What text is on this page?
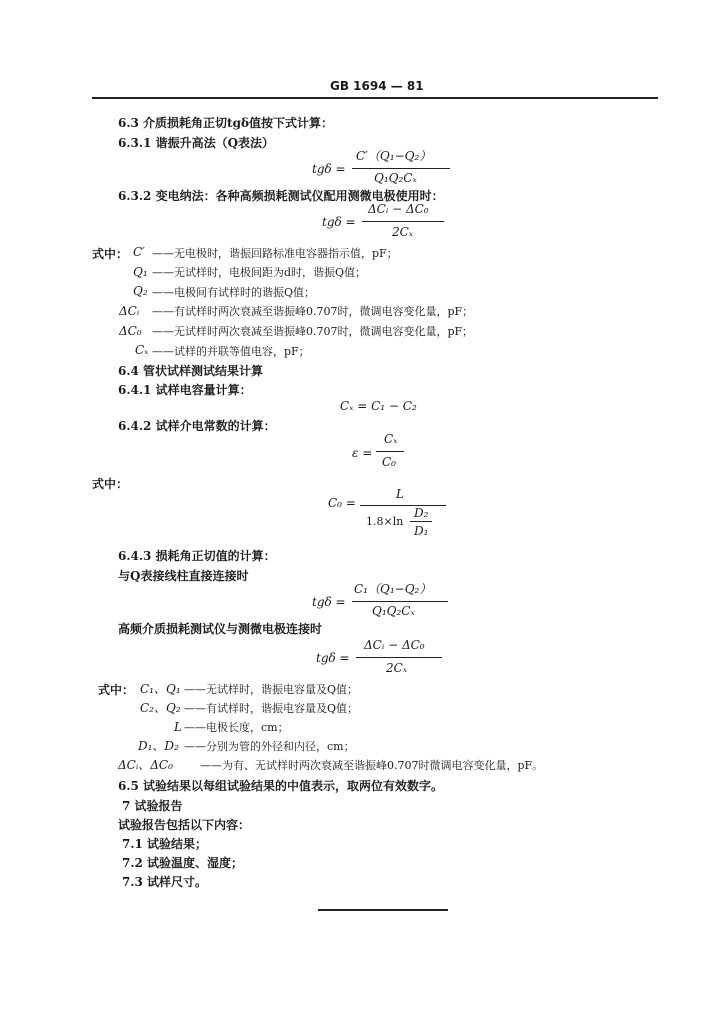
GB 1694 — 81
6.3 介质损耗角正切tgδ值按下式计算：
6.3.1 谐振升高法（Q表法）
tgδ =
C′（Q₁−Q₂）
Q₁Q₂Cₓ
6.3.2 变电纳法：各种高频损耗测试仪配用测微电极使用时：
tgδ =
ΔCᵢ − ΔC₀
2Cₓ
式中： C′ ——无电极时，谐振回路标准电容器指示值，pF；
Q₁ ——无试样时，电极间距为d时，谐振Q值；
Q₂ ——电极间有试样时的谐振Q值；
ΔCᵢ ——有试样时两次衰减至谐振峰0.707时，微调电容变化量，pF；
ΔC₀ ——无试样时两次衰减至谐振峰0.707时，微调电容变化量，pF；
Cₓ ——试样的并联等值电容，pF；
6.4 管状试样测试结果计算
6.4.1 试样电容量计算：
Cₓ = C₁ − C₂
6.4.2 试样介电常数的计算：
ε =
Cₓ
C₀
式中：
C₀ =
L
1.8×ln
D₂
D₁
6.4.3 损耗角正切值的计算：
与Q表接线柱直接连接时
tgδ =
C₁（Q₁−Q₂）
Q₁Q₂Cₓ
高频介质损耗测试仪与测微电极连接时
tgδ =
ΔCᵢ − ΔC₀
2Cₓ
式中： C₁、Q₁ ——无试样时，谐振电容量及Q值；
C₂、Q₂ ——有试样时，谐振电容量及Q值；
L ——电极长度，cm；
D₁、D₂ ——分别为管的外径和内径，cm；
ΔCᵢ、ΔC₀ ——为有、无试样时两次衰减至谐振峰0.707时微调电容变化量，pF。
6.5 试验结果以每组试验结果的中值表示，取两位有效数字。
7 试验报告
试验报告包括以下内容：
7.1 试验结果；
7.2 试验温度、湿度；
7.3 试样尺寸。
